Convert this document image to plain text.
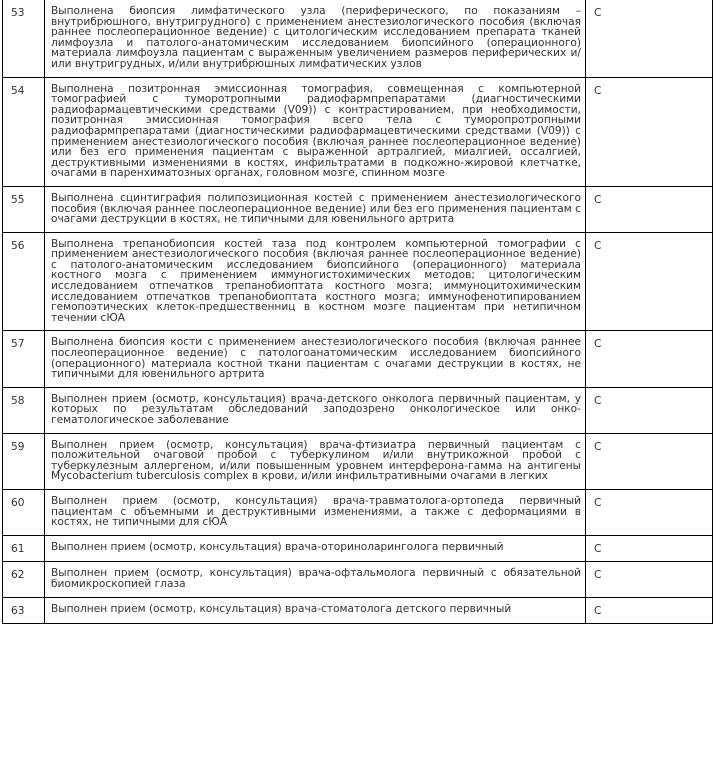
53	Выполнена биопсия лимфатического узла (периферического, по показаниям – внутрибрюшного, внутригрудного) с применением анестезиологического пособия (включая раннее послеоперационное ведение) с цитологическим исследованием препарата тканей лимфоузла и патолого-анатомическим исследованием биопсийного (операционного) материала лимфоузла пациентам с выраженным увеличением размеров периферических и/или внутригрудных, и/или внутрибрюшных лимфатических узлов	С
54	Выполнена позитронная эмиссионная томография, совмещенная с компьютерной томографией с туморотропными радиофармпрепаратами (диагностическими радиофармацевтическими средствами (V09)) с контрастированием, при необходимости, позитронная эмиссионная томография всего тела с туморопротропными радиофармпрепаратами (диагностическими радиофармацевтическими средствами (V09)) с применением анестезиологического пособия (включая раннее послеоперационное ведение) или без его применения пациентам с выраженной артралгией, миалгией, оссалгией, деструктивными изменениями в костях, инфильтратами в подкожно-жировой клетчатке, очагами в паренхиматозных органах, головном мозге, спинном мозге	С
55	Выполнена сцинтиграфия полипозиционная костей с применением анестезиологического пособия (включая раннее послеоперационное ведение) или без его применения пациентам с очагами деструкции в костях, не типичными для ювенильного артрита	С
56	Выполнена трепанобиопсия костей таза под контролем компьютерной томографии с применением анестезиологического пособия (включая раннее послеоперационное ведение) с патолого-анатомическим исследованием биопсийного (операционного) материала костного мозга с применением иммуногистохимических методов; цитологическим исследованием отпечатков трепанобиоптата костного мозга; иммуноцитохимическим исследованием отпечатков трепанобиоптата костного мозга; иммунофенотипированием гемопоэтических клеток-предшественниц в костном мозге пациентам при нетипичном течении сЮА	С
57	Выполнена биопсия кости с применением анестезиологического пособия (включая раннее послеоперационное ведение) с патологоанатомическим исследованием биопсийного (операционного) материала костной ткани пациентам с очагами деструкции в костях, не типичными для ювенильного артрита	С
58	Выполнен прием (осмотр, консультация) врача-детского онколога первичный пациентам, у которых по результатам обследований заподозрено онкологическое или онко-гематологическое заболевание	С
59	Выполнен прием (осмотр, консультация) врача-фтизиатра первичный пациентам с положительной очаговой пробой с туберкулином и/или внутрикожной пробой с туберкулезным аллергеном, и/или повышенным уровнем интерферона-гамма на антигены Mycobacterium tuberculosis complex в крови, и/или инфильтративными очагами в легких	С
60	Выполнен прием (осмотр, консультация) врача-травматолога-ортопеда первичный пациентам с объемными и деструктивными изменениями, а также с деформациями в костях, не типичными для сЮА	С
61	Выполнен прием (осмотр, консультация) врача-оториноларинголога первичный	С
62	Выполнен прием (осмотр, консультация) врача-офтальмолога первичный с обязательной биомикроскопией глаза	С
63	Выполнен прием (осмотр, консультация) врача-стоматолога детского первичный	С
